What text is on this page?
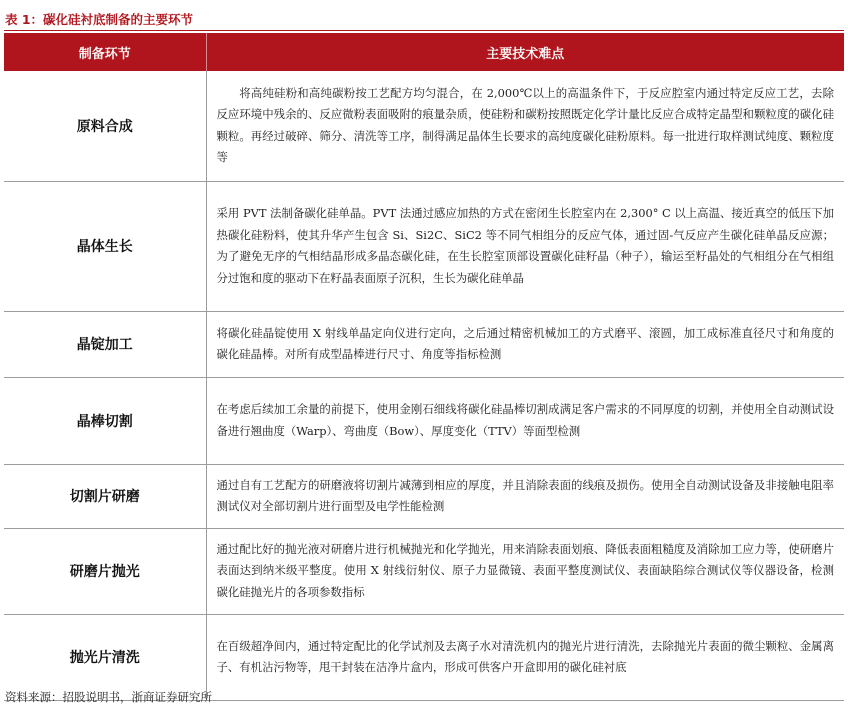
表 1：碳化硅衬底制备的主要环节
制备环节	主要技术难点
原料合成	将高纯硅粉和高纯碳粉按工艺配方均匀混合，在 2,000℃以上的高温条件下，于反应腔室内通过特定反应工艺，去除反应环境中残余的、反应微粉表面吸附的痕量杂质，使硅粉和碳粉按照既定化学计量比反应合成特定晶型和颗粒度的碳化硅颗粒。再经过破碎、筛分、清洗等工序，制得满足晶体生长要求的高纯度碳化硅粉原料。每一批进行取样测试纯度、颗粒度等
晶体生长	采用 PVT 法制备碳化硅单晶。PVT 法通过感应加热的方式在密闭生长腔室内在 2,300° C 以上高温、接近真空的低压下加热碳化硅粉料，使其升华产生包含 Si、Si2C、SiC2 等不同气相组分的反应气体，通过固-气反应产生碳化硅单晶反应源；为了避免无序的气相结晶形成多晶态碳化硅，在生长腔室顶部设置碳化硅籽晶（种子），输运至籽晶处的气相组分在气相组分过饱和度的驱动下在籽晶表面原子沉积，生长为碳化硅单晶
晶锭加工	将碳化硅晶锭使用 X 射线单晶定向仪进行定向，之后通过精密机械加工的方式磨平、滚圆，加工成标准直径尺寸和角度的碳化硅晶棒。对所有成型晶棒进行尺寸、角度等指标检测
晶棒切割	在考虑后续加工余量的前提下，使用金刚石细线将碳化硅晶棒切割成满足客户需求的不同厚度的切割，并使用全自动测试设备进行翘曲度（Warp）、弯曲度（Bow）、厚度变化（TTV）等面型检测
切割片研磨	通过自有工艺配方的研磨液将切割片减薄到相应的厚度，并且消除表面的线痕及损伤。使用全自动测试设备及非接触电阻率测试仪对全部切割片进行面型及电学性能检测
研磨片抛光	通过配比好的抛光液对研磨片进行机械抛光和化学抛光，用来消除表面划痕、降低表面粗糙度及消除加工应力等，使研磨片表面达到纳米级平整度。使用 X 射线衍射仪、原子力显微镜、表面平整度测试仪、表面缺陷综合测试仪等仪器设备，检测碳化硅抛光片的各项参数指标
抛光片清洗	在百级超净间内，通过特定配比的化学试剂及去离子水对清洗机内的抛光片进行清洗，去除抛光片表面的微尘颗粒、金属离子、有机沾污物等，甩干封装在洁净片盒内，形成可供客户开盒即用的碳化硅衬底
资料来源：招股说明书，浙商证券研究所
